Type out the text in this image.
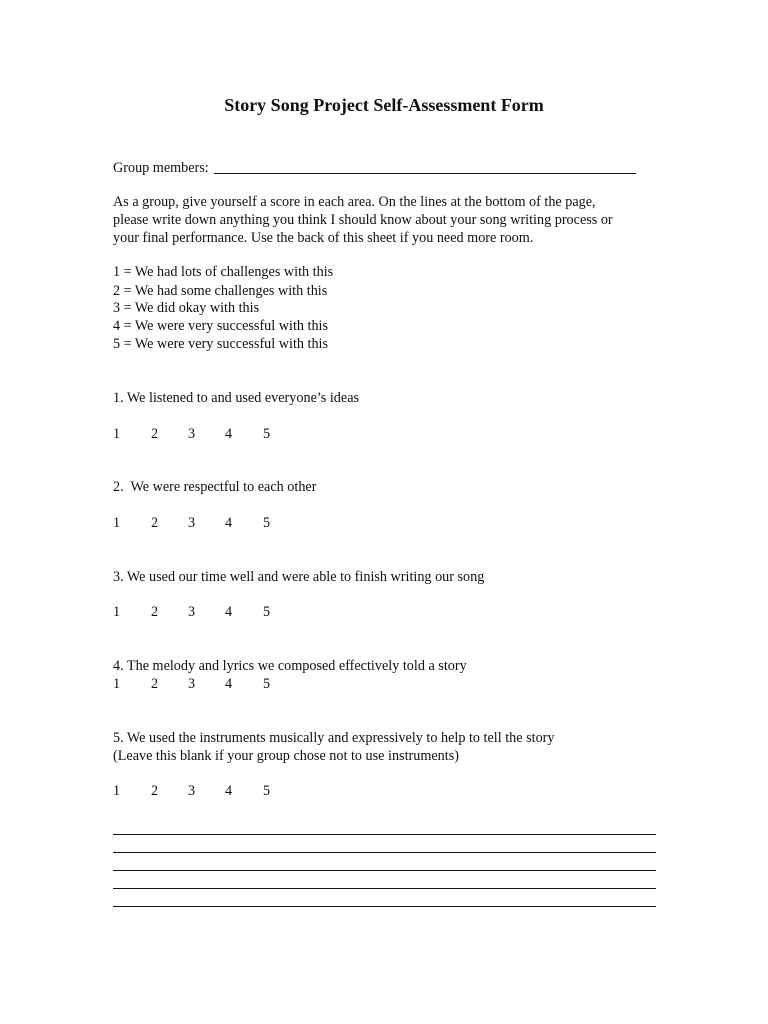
Story Song Project Self-Assessment Form
Group members:
As a group, give yourself a score in each area. On the lines at the bottom of the page,
please write down anything you think I should know about your song writing process or
your final performance. Use the back of this sheet if you need more room.
1 = We had lots of challenges with this
2 = We had some challenges with this
3 = We did okay with this
4 = We were very successful with this
5 = We were very successful with this
1. We listened to and used everyone’s ideas
1 2 3 4 5
2.  We were respectful to each other
1 2 3 4 5
3. We used our time well and were able to finish writing our song
1 2 3 4 5
4. The melody and lyrics we composed effectively told a story
1 2 3 4 5
5. We used the instruments musically and expressively to help to tell the story
(Leave this blank if your group chose not to use instruments)
1 2 3 4 5
